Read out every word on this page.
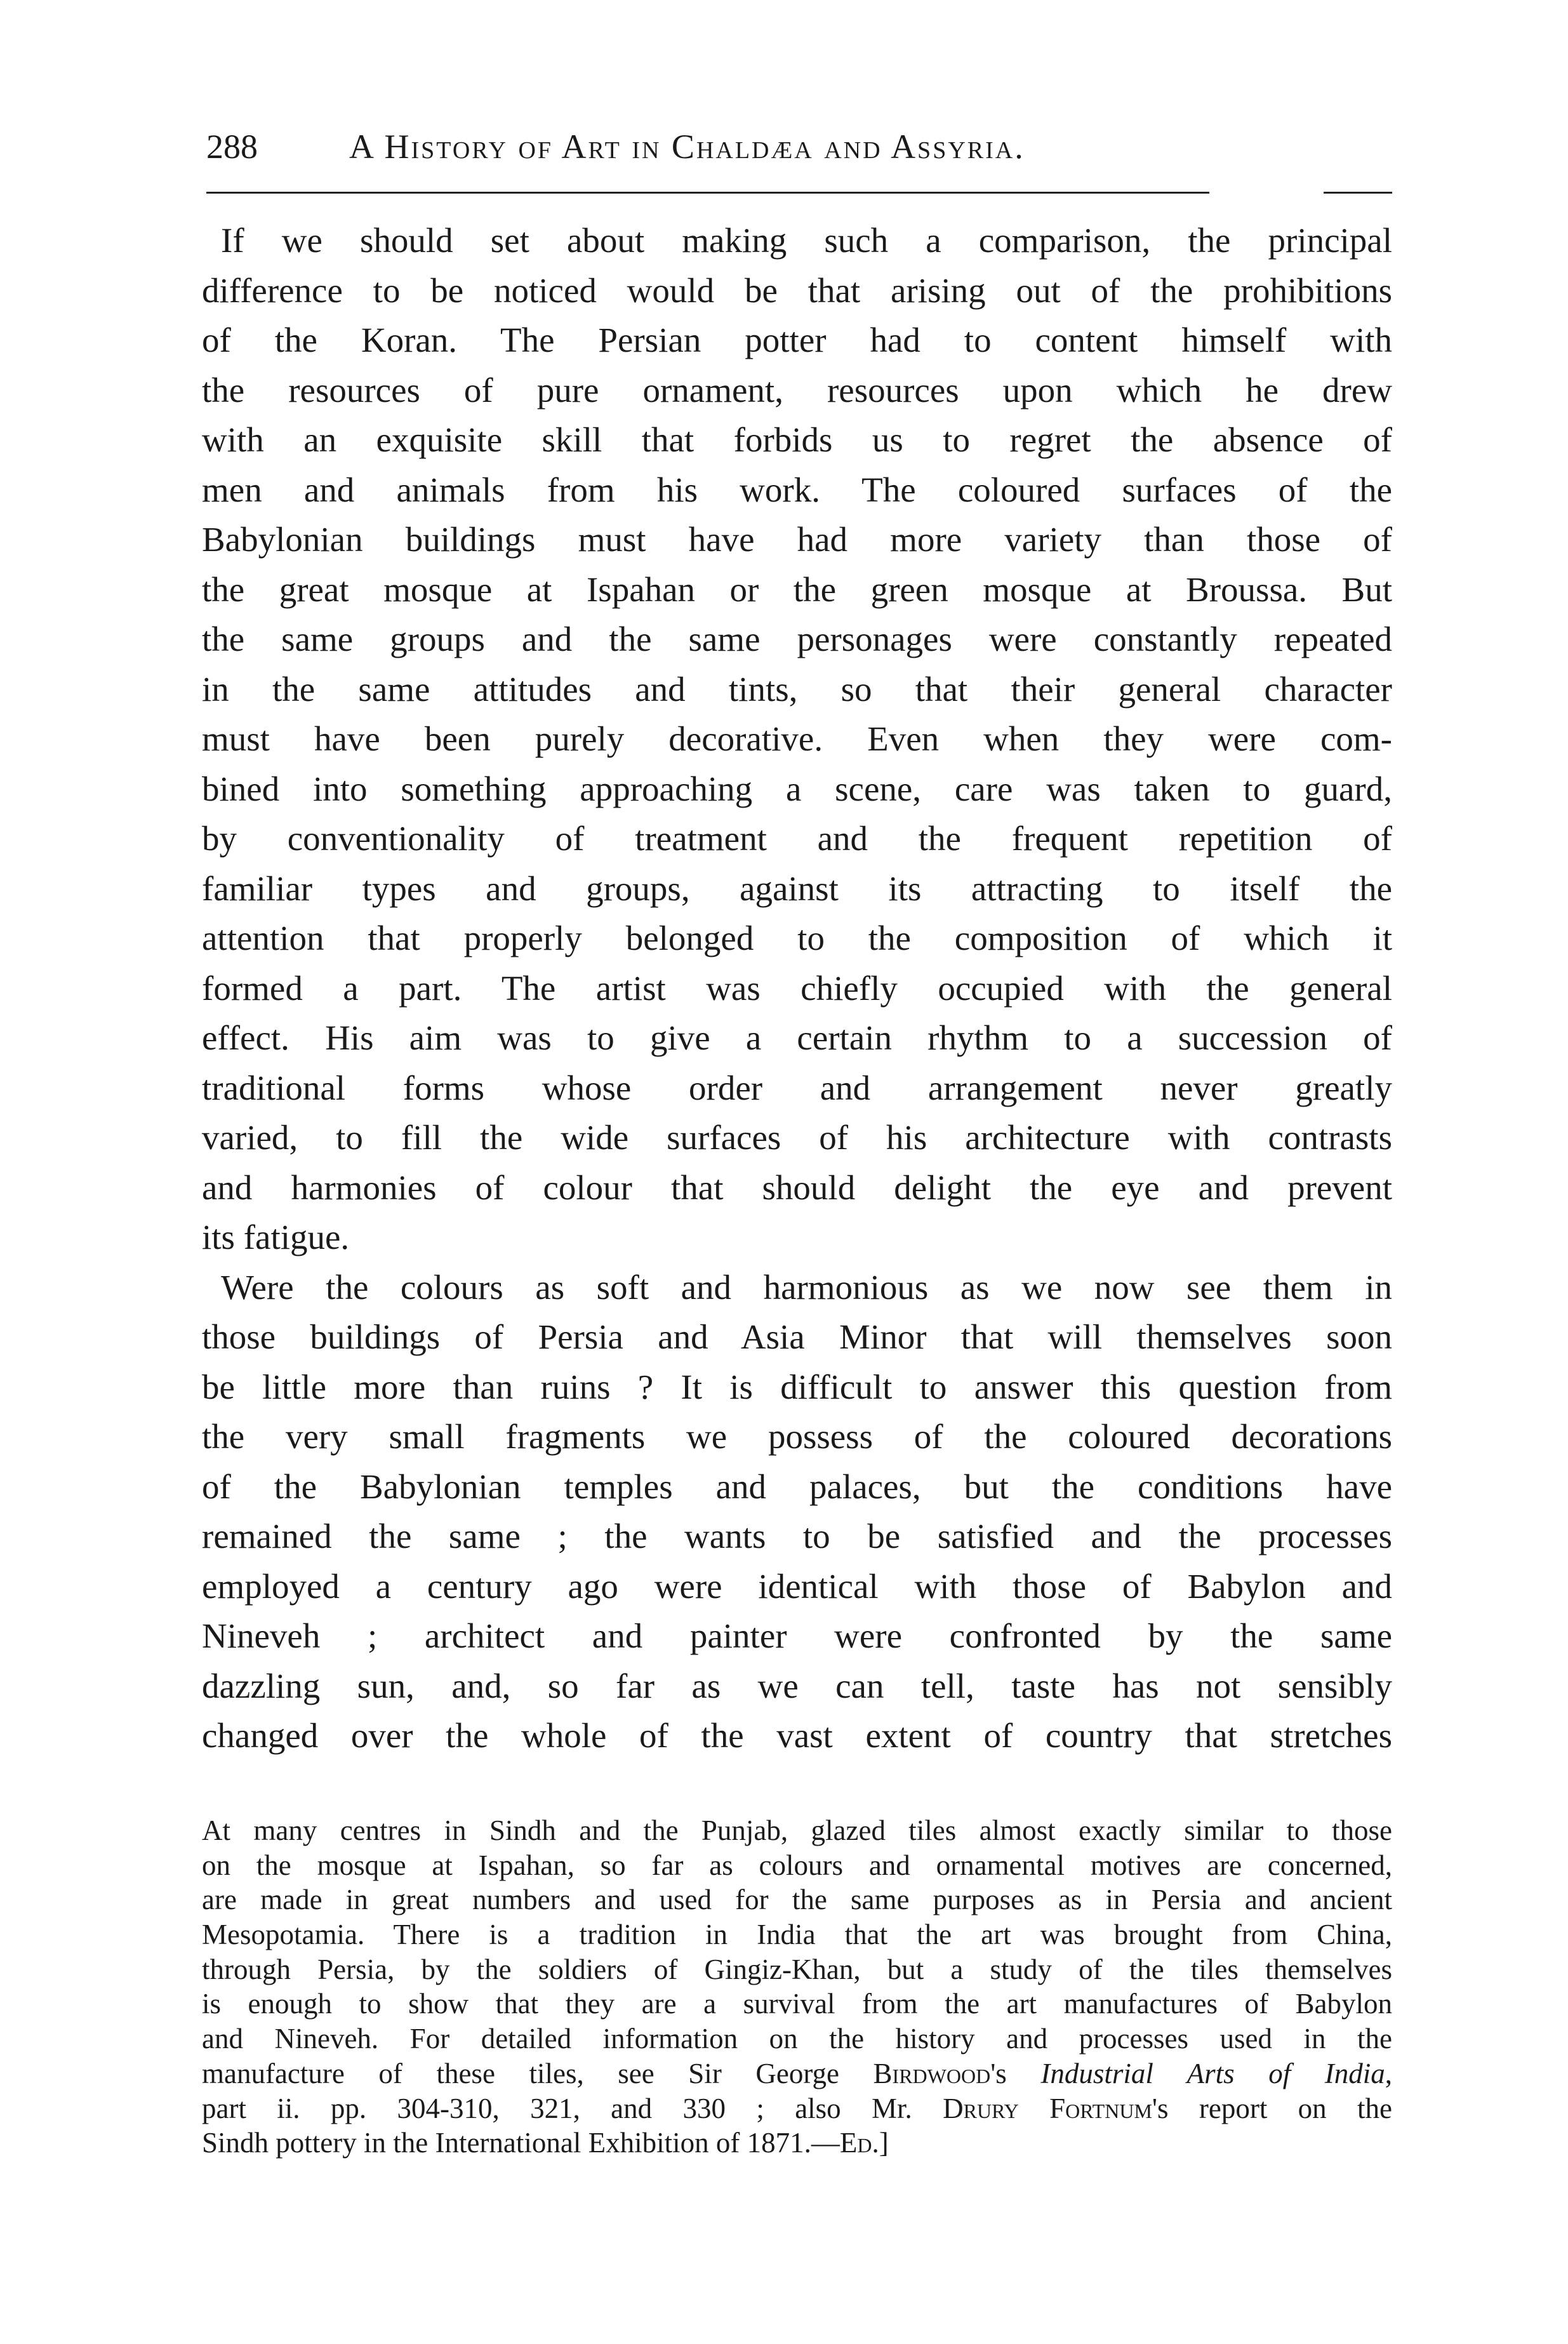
288	A History of Art in Chaldæa and Assyria.
If we should set about making such a comparison, the principal
difference to be noticed would be that arising out of the prohibitions
of the Koran. The Persian potter had to content himself with
the resources of pure ornament, resources upon which he drew
with an exquisite skill that forbids us to regret the absence of
men and animals from his work. The coloured surfaces of the
Babylonian buildings must have had more variety than those of
the great mosque at Ispahan or the green mosque at Broussa. But
the same groups and the same personages were constantly repeated
in the same attitudes and tints, so that their general character
must have been purely decorative. Even when they were com-
bined into something approaching a scene, care was taken to guard,
by conventionality of treatment and the frequent repetition of
familiar types and groups, against its attracting to itself the
attention that properly belonged to the composition of which it
formed a part. The artist was chiefly occupied with the general
effect. His aim was to give a certain rhythm to a succession of
traditional forms whose order and arrangement never greatly
varied, to fill the wide surfaces of his architecture with contrasts
and harmonies of colour that should delight the eye and prevent
its fatigue.
Were the colours as soft and harmonious as we now see them in
those buildings of Persia and Asia Minor that will themselves soon
be little more than ruins ? It is difficult to answer this question from
the very small fragments we possess of the coloured decorations
of the Babylonian temples and palaces, but the conditions have
remained the same ; the wants to be satisfied and the processes
employed a century ago were identical with those of Babylon and
Nineveh ; architect and painter were confronted by the same
dazzling sun, and, so far as we can tell, taste has not sensibly
changed over the whole of the vast extent of country that stretches
At many centres in Sindh and the Punjab, glazed tiles almost exactly similar to those
on the mosque at Ispahan, so far as colours and ornamental motives are concerned,
are made in great numbers and used for the same purposes as in Persia and ancient
Mesopotamia. There is a tradition in India that the art was brought from China,
through Persia, by the soldiers of Gingiz-Khan, but a study of the tiles themselves
is enough to show that they are a survival from the art manufactures of Babylon
and Nineveh. For detailed information on the history and processes used in the
manufacture of these tiles, see Sir George Birdwood's Industrial Arts of India,
part ii. pp. 304-310, 321, and 330 ; also Mr. Drury Fortnum's report on the
Sindh pottery in the International Exhibition of 1871.—Ed.]
